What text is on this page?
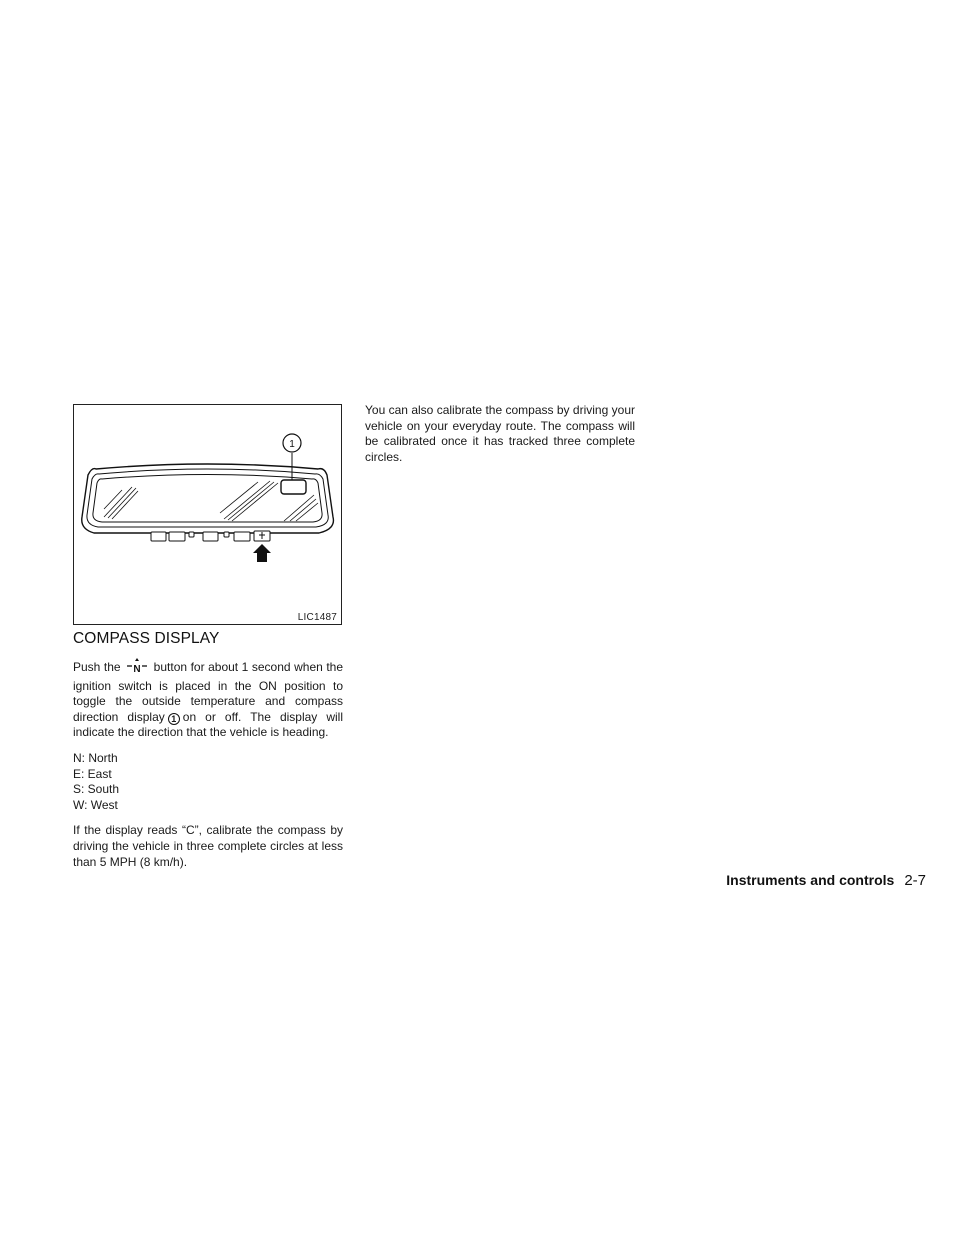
1
LIC1487
COMPASS DISPLAY

Push the N button for about 1 second when the ignition switch is placed in the ON position to toggle the outside temperature and compass direction display 1 on or off. The display will indicate the direction that the vehicle is heading.

N: North
E: East
S: South
W: West

If the display reads “C”, calibrate the compass by driving the vehicle in three complete circles at less than 5 MPH (8 km/h).

You can also calibrate the compass by driving your vehicle on your everyday route. The compass will be calibrated once it has tracked three complete circles.

Instruments and controls 2-7
